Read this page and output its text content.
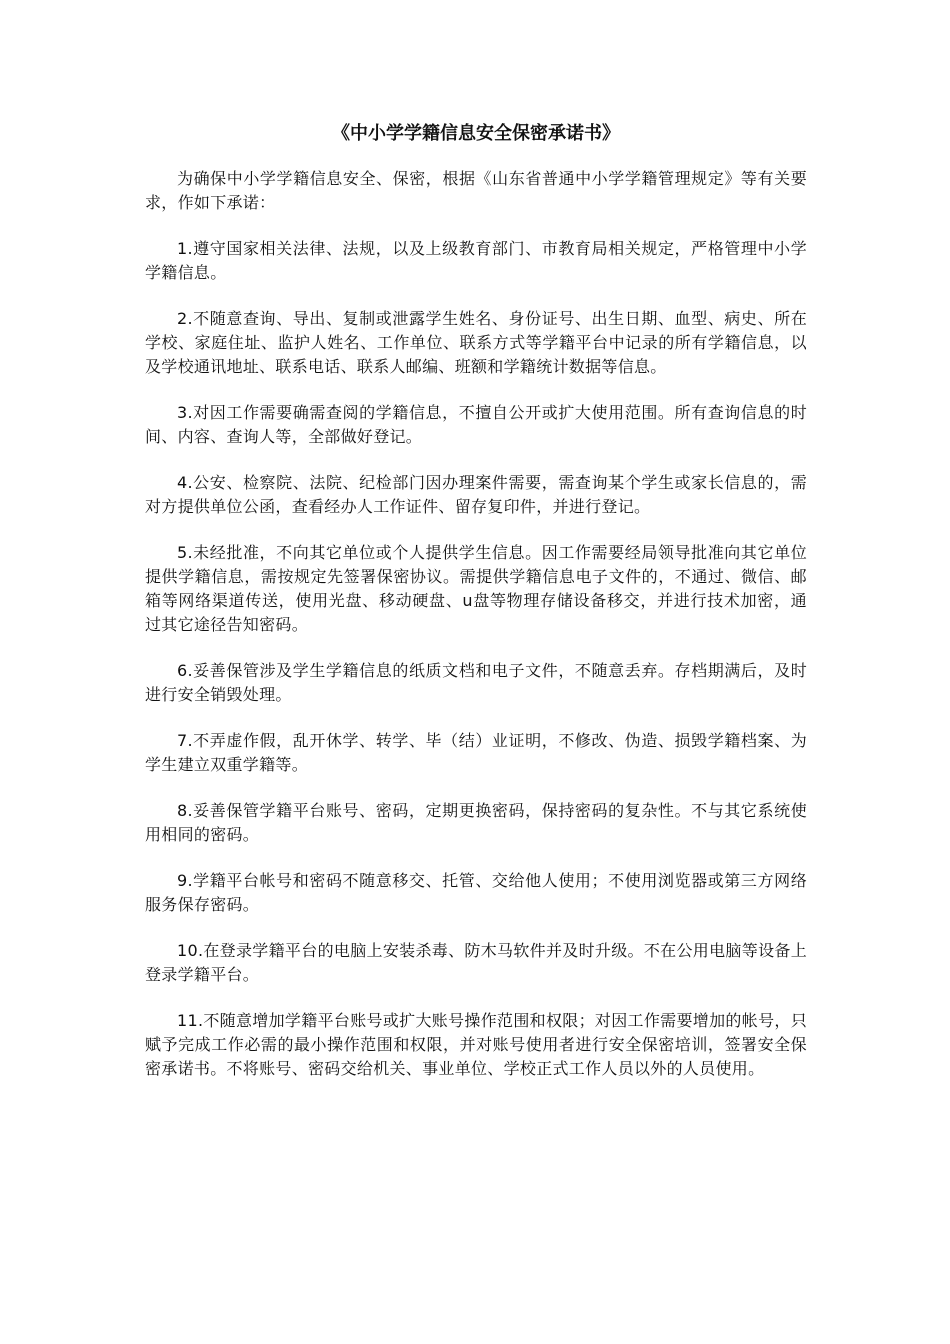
《中小学学籍信息安全保密承诺书》

为确保中小学学籍信息安全、保密，根据《山东省普通中小学学籍管理规定》等有关要求，作如下承诺：

1.遵守国家相关法律、法规，以及上级教育部门、市教育局相关规定，严格管理中小学学籍信息。

2.不随意查询、导出、复制或泄露学生姓名、身份证号、出生日期、血型、病史、所在学校、家庭住址、监护人姓名、工作单位、联系方式等学籍平台中记录的所有学籍信息，以及学校通讯地址、联系电话、联系人邮编、班额和学籍统计数据等信息。

3.对因工作需要确需查阅的学籍信息，不擅自公开或扩大使用范围。所有查询信息的时间、内容、查询人等，全部做好登记。

4.公安、检察院、法院、纪检部门因办理案件需要，需查询某个学生或家长信息的，需对方提供单位公函，查看经办人工作证件、留存复印件，并进行登记。

5.未经批准，不向其它单位或个人提供学生信息。因工作需要经局领导批准向其它单位提供学籍信息，需按规定先签署保密协议。需提供学籍信息电子文件的，不通过、微信、邮箱等网络渠道传送，使用光盘、移动硬盘、u盘等物理存储设备移交，并进行技术加密，通过其它途径告知密码。

6.妥善保管涉及学生学籍信息的纸质文档和电子文件，不随意丢弃。存档期满后，及时进行安全销毁处理。

7.不弄虚作假，乱开休学、转学、毕（结）业证明，不修改、伪造、损毁学籍档案、为学生建立双重学籍等。

8.妥善保管学籍平台账号、密码，定期更换密码，保持密码的复杂性。不与其它系统使用相同的密码。

9.学籍平台帐号和密码不随意移交、托管、交给他人使用；不使用浏览器或第三方网络服务保存密码。

10.在登录学籍平台的电脑上安装杀毒、防木马软件并及时升级。不在公用电脑等设备上登录学籍平台。

11.不随意增加学籍平台账号或扩大账号操作范围和权限；对因工作需要增加的帐号，只赋予完成工作必需的最小操作范围和权限，并对账号使用者进行安全保密培训，签署安全保密承诺书。不将账号、密码交给机关、事业单位、学校正式工作人员以外的人员使用。
